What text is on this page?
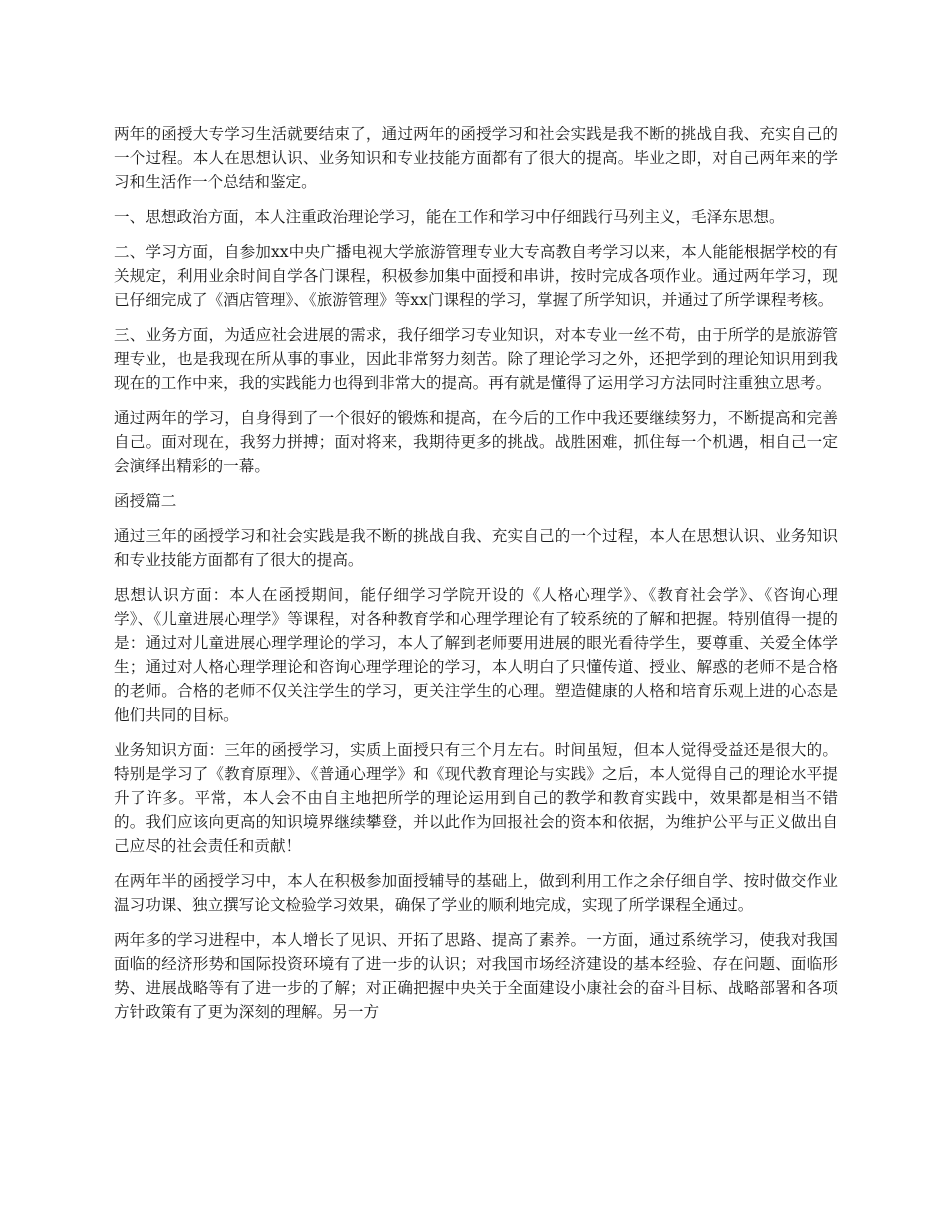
两年的函授大专学习生活就要结束了，通过两年的函授学习和社会实践是我不断的挑战自我、充实自己的一个过程。本人在思想认识、业务知识和专业技能方面都有了很大的提高。毕业之即，对自己两年来的学习和生活作一个总结和鉴定。

一、思想政治方面，本人注重政治理论学习，能在工作和学习中仔细践行马列主义，毛泽东思想。

二、学习方面，自参加xx中央广播电视大学旅游管理专业大专高教自考学习以来，本人能能根据学校的有关规定，利用业余时间自学各门课程，积极参加集中面授和串讲，按时完成各项作业。通过两年学习，现已仔细完成了《酒店管理》、《旅游管理》等xx门课程的学习，掌握了所学知识，并通过了所学课程考核。

三、业务方面，为适应社会进展的需求，我仔细学习专业知识，对本专业一丝不苟，由于所学的是旅游管理专业，也是我现在所从事的事业，因此非常努力刻苦。除了理论学习之外，还把学到的理论知识用到我现在的工作中来，我的实践能力也得到非常大的提高。再有就是懂得了运用学习方法同时注重独立思考。

通过两年的学习，自身得到了一个很好的锻炼和提高，在今后的工作中我还要继续努力，不断提高和完善自己。面对现在，我努力拼搏；面对将来，我期待更多的挑战。战胜困难，抓住每一个机遇，相自己一定会演绎出精彩的一幕。

函授篇二

通过三年的函授学习和社会实践是我不断的挑战自我、充实自己的一个过程，本人在思想认识、业务知识和专业技能方面都有了很大的提高。

思想认识方面：本人在函授期间，能仔细学习学院开设的《人格心理学》、《教育社会学》、《咨询心理学》、《儿童进展心理学》等课程，对各种教育学和心理学理论有了较系统的了解和把握。特别值得一提的是：通过对儿童进展心理学理论的学习，本人了解到老师要用进展的眼光看待学生，要尊重、关爱全体学生；通过对人格心理学理论和咨询心理学理论的学习，本人明白了只懂传道、授业、解惑的老师不是合格的老师。合格的老师不仅关注学生的学习，更关注学生的心理。塑造健康的人格和培育乐观上进的心态是他们共同的目标。

业务知识方面：三年的函授学习，实质上面授只有三个月左右。时间虽短，但本人觉得受益还是很大的。特别是学习了《教育原理》、《普通心理学》和《现代教育理论与实践》之后，本人觉得自己的理论水平提升了许多。平常，本人会不由自主地把所学的理论运用到自己的教学和教育实践中，效果都是相当不错的。我们应该向更高的知识境界继续攀登，并以此作为回报社会的资本和依据，为维护公平与正义做出自己应尽的社会责任和贡献！

在两年半的函授学习中，本人在积极参加面授辅导的基础上，做到利用工作之余仔细自学、按时做交作业温习功课、独立撰写论文检验学习效果，确保了学业的顺利地完成，实现了所学课程全通过。

两年多的学习进程中，本人增长了见识、开拓了思路、提高了素养。一方面，通过系统学习，使我对我国面临的经济形势和国际投资环境有了进一步的认识；对我国市场经济建设的基本经验、存在问题、面临形势、进展战略等有了进一步的了解；对正确把握中央关于全面建设小康社会的奋斗目标、战略部署和各项方针政策有了更为深刻的理解。另一方
